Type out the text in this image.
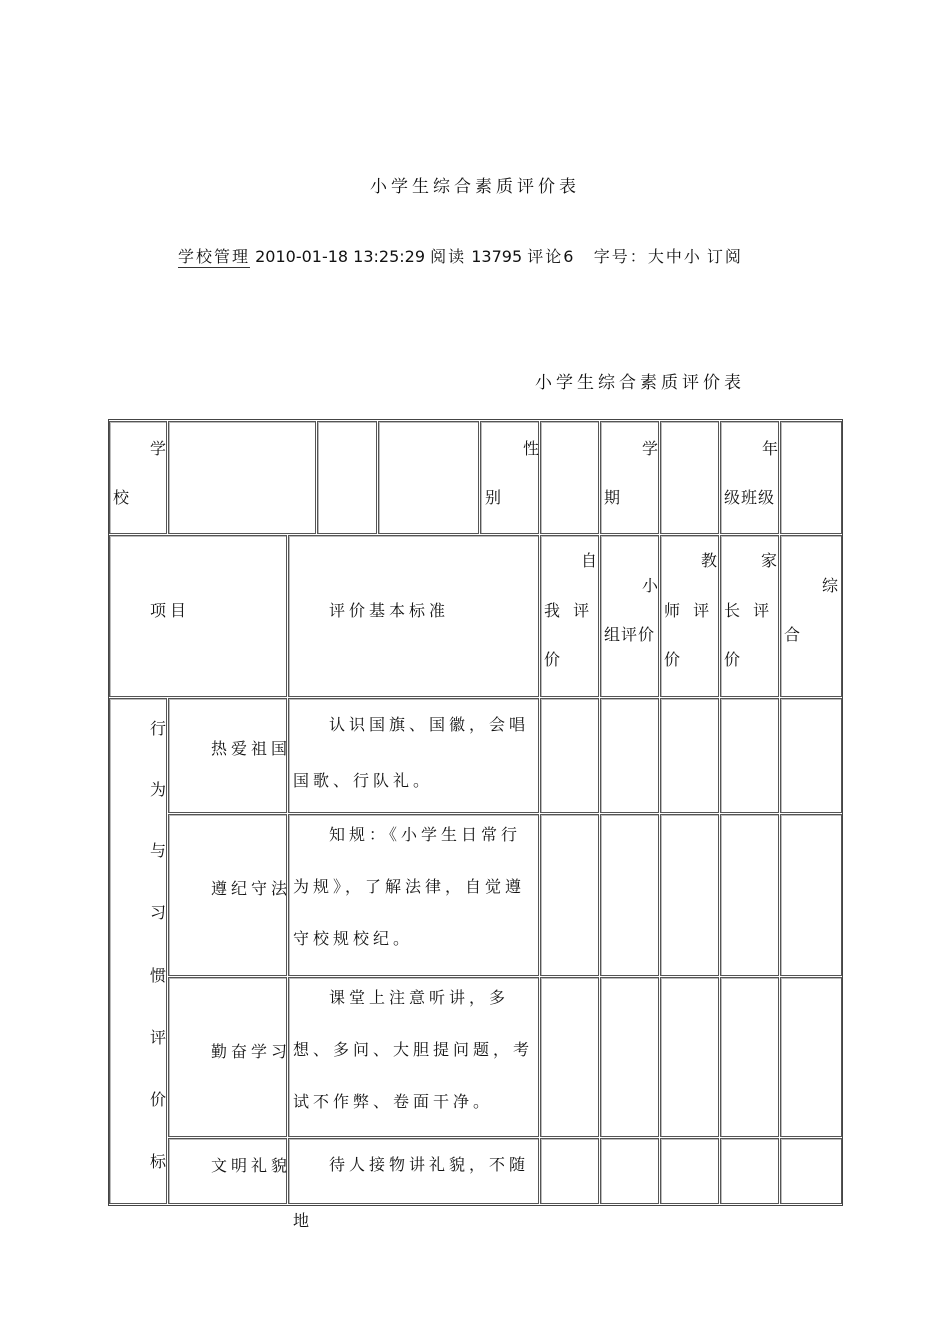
小学生综合素质评价表
学校管理 2010-01-18 13:25:29 阅读 13795 评论6 字号：大中小 订阅
小学生综合素质评价表
学
校
性
别
学
期
年
级班级
项目	评价基本标准
自
我 评
价
小
组评价
教
师 评
价
家
长 评
价
综
合
行
为
与
习
惯
评
价
标
热爱祖国
认识国旗、国徽，会唱国歌、行队礼。
遵纪守法
知规：《小学生日常行为规》，了解法律，自觉遵守校规校纪。
勤奋学习
课堂上注意听讲，多想、多问、大胆提问题，考试不作弊、卷面干净。
文明礼貌	待人接物讲礼貌，不随地
